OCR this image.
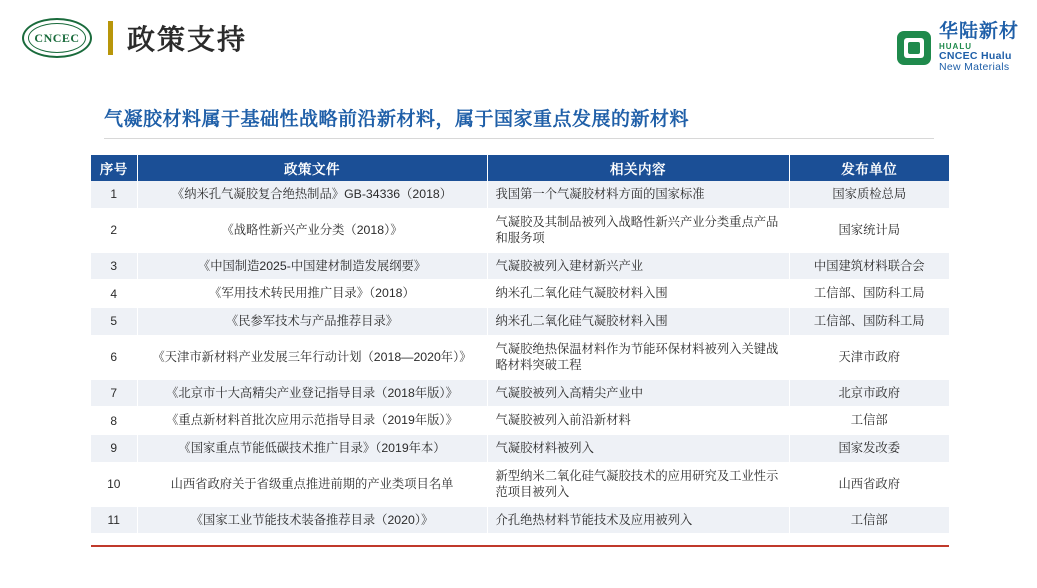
CNCEC	政策支持	华陆新材
HUALU
CNCEC Hualu
New Materials
气凝胶材料属于基础性战略前沿新材料，属于国家重点发展的新材料
序号	政策文件	相关内容	发布单位
1	《纳米孔气凝胶复合绝热制品》GB-34336（2018）	我国第一个气凝胶材料方面的国家标准	国家质检总局
2	《战略性新兴产业分类（2018）》	气凝胶及其制品被列入战略性新兴产业分类重点产品和服务项	国家统计局
3	《中国制造2025-中国建材制造发展纲要》	气凝胶被列入建材新兴产业	中国建筑材料联合会
4	《军用技术转民用推广目录》（2018）	纳米孔二氧化硅气凝胶材料入围	工信部、国防科工局
5	《民参军技术与产品推荐目录》	纳米孔二氧化硅气凝胶材料入围	工信部、国防科工局
6	《天津市新材料产业发展三年行动计划（2018—2020年）》	气凝胶绝热保温材料作为节能环保材料被列入关键战略材料突破工程	天津市政府
7	《北京市十大高精尖产业登记指导目录（2018年版）》	气凝胶被列入高精尖产业中	北京市政府
8	《重点新材料首批次应用示范指导目录（2019年版）》	气凝胶被列入前沿新材料	工信部
9	《国家重点节能低碳技术推广目录》（2019年本）	气凝胶材料被列入	国家发改委
10	山西省政府关于省级重点推进前期的产业类项目名单	新型纳米二氧化硅气凝胶技术的应用研究及工业性示范项目被列入	山西省政府
11	《国家工业节能技术装备推荐目录（2020）》	介孔绝热材料节能技术及应用被列入	工信部
